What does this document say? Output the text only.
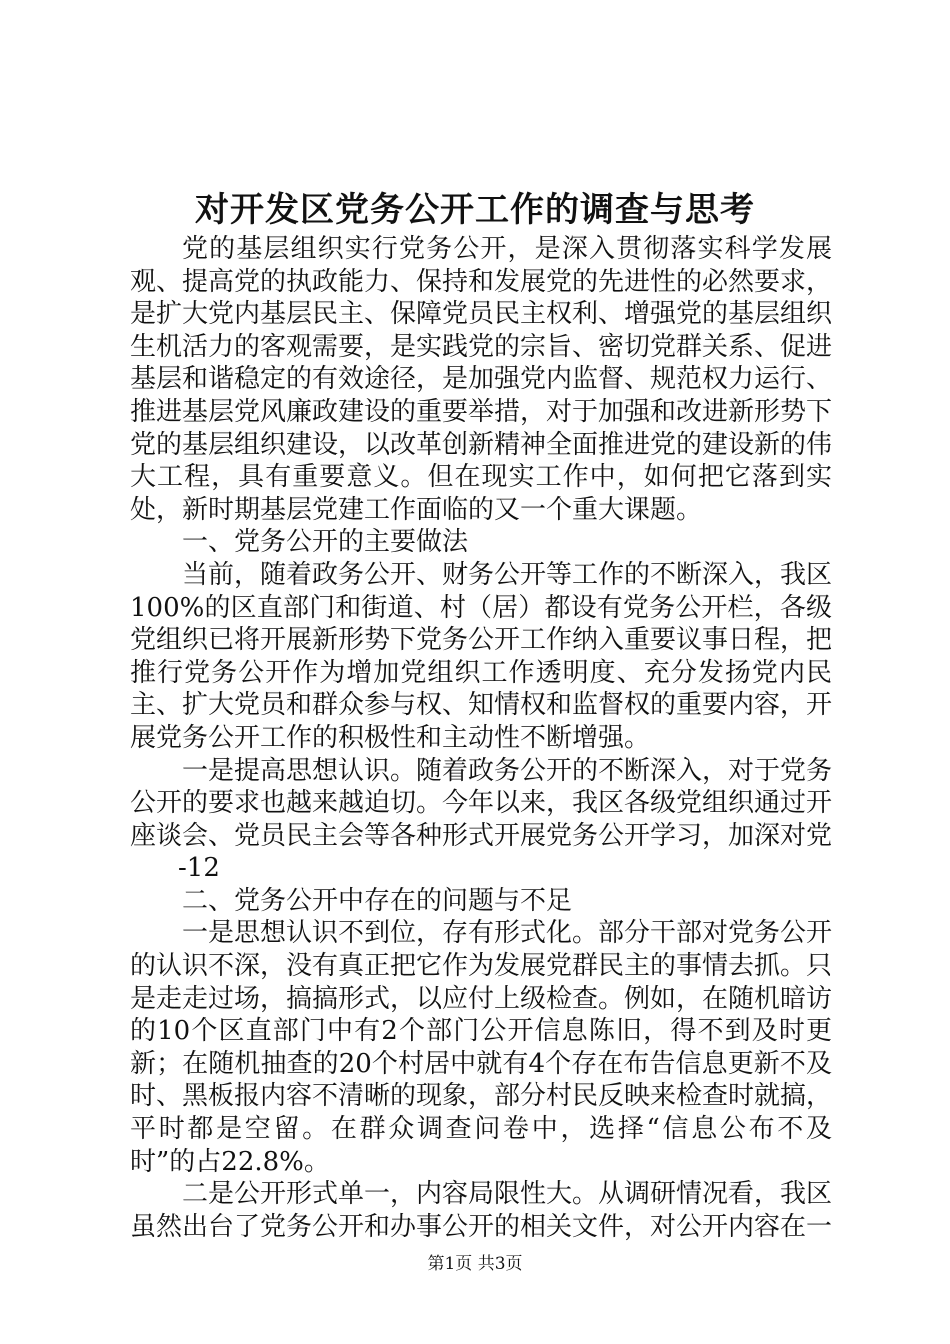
对开发区党务公开工作的调查与思考

党的基层组织实行党务公开，是深入贯彻落实科学发展观、提高党的执政能力、保持和发展党的先进性的必然要求，是扩大党内基层民主、保障党员民主权利、增强党的基层组织生机活力的客观需要，是实践党的宗旨、密切党群关系、促进基层和谐稳定的有效途径，是加强党内监督、规范权力运行、推进基层党风廉政建设的重要举措，对于加强和改进新形势下党的基层组织建设，以改革创新精神全面推进党的建设新的伟大工程，具有重要意义。但在现实工作中，如何把它落到实处，新时期基层党建工作面临的又一个重大课题。

一、党务公开的主要做法

当前，随着政务公开、财务公开等工作的不断深入，我区100%的区直部门和街道、村（居）都设有党务公开栏，各级党组织已将开展新形势下党务公开工作纳入重要议事日程，把推行党务公开作为增加党组织工作透明度、充分发扬党内民主、扩大党员和群众参与权、知情权和监督权的重要内容，开展党务公开工作的积极性和主动性不断增强。

一是提高思想认识。随着政务公开的不断深入，对于党务公开的要求也越来越迫切。今年以来，我区各级党组织通过开座谈会、党员民主会等各种形式开展党务公开学习，加深对党

-12

二、党务公开中存在的问题与不足

一是思想认识不到位，存有形式化。部分干部对党务公开的认识不深，没有真正把它作为发展党群民主的事情去抓。只是走走过场，搞搞形式，以应付上级检查。例如，在随机暗访的10个区直部门中有2个部门公开信息陈旧，得不到及时更新；在随机抽查的20个村居中就有4个存在布告信息更新不及时、黑板报内容不清晰的现象，部分村民反映来检查时就搞，平时都是空留。在群众调查问卷中，选择“信息公布不及时”的占22.8%。

二是公开形式单一，内容局限性大。从调研情况看，我区虽然出台了党务公开和办事公开的相关文件，对公开内容在一

第1页 共3页
